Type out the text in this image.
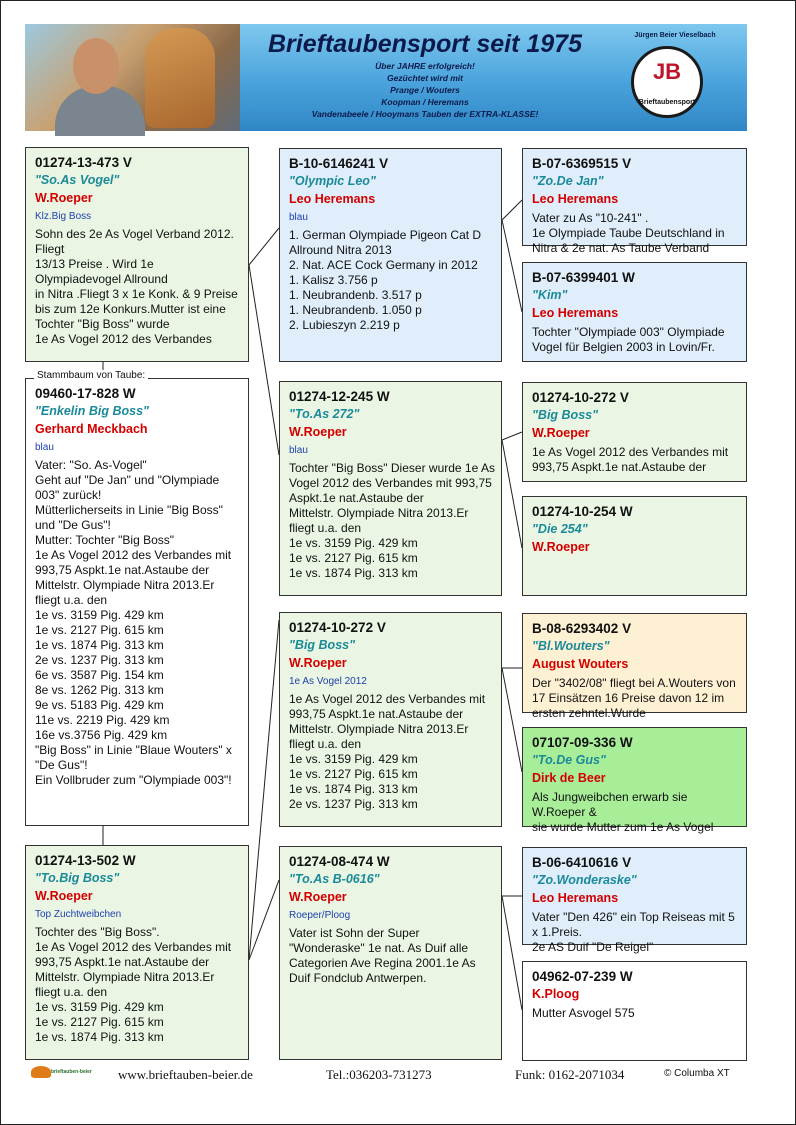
Brieftaubensport seit 1975
Über JAHRE erfolgreich!
Gezüchtet wird mit
Prange / Wouters
Koopman / Heremans
Vandenabeele / Hooymans Tauben der EXTRA-KLASSE!
Jürgen Beier Vieselbach
JB
Brieftaubensport
01274-13-473 V
"So.As Vogel"
W.Roeper
Klz.Big Boss
Sohn des 2e As Vogel Verband 2012. Fliegt
13/13 Preise . Wird 1e Olympiadevogel Allround
in Nitra .Fliegt 3 x 1e Konk. & 9 Preise bis zum 12e Konkurs.Mutter ist eine
Tochter "Big Boss" wurde
1e As Vogel 2012 des Verbandes
09460-17-828 W
"Enkelin Big Boss"
Gerhard Meckbach
blau
Vater: "So. As-Vogel"
Geht auf "De Jan" und "Olympiade 003" zurück!
Mütterlicherseits in Linie "Big Boss" und "De Gus"!
Mutter: Tochter "Big Boss"
1e As Vogel 2012 des Verbandes mit 993,75 Aspkt.1e nat.Astaube der
Mittelstr. Olympiade Nitra 2013.Er fliegt u.a. den
1e vs. 3159 Pig. 429 km
1e vs. 2127 Pig. 615 km
1e vs. 1874 Pig. 313 km
2e vs. 1237 Pig. 313 km
6e vs. 3587 Pig. 154 km
8e vs. 1262 Pig. 313 km
9e vs. 5183 Pig. 429 km
11e vs. 2219 Pig. 429 km
16e vs.3756 Pig. 429 km
"Big Boss" in Linie "Blaue Wouters" x "De Gus"!
Ein Vollbruder zum "Olympiade 003"!
Stammbaum von Taube:
01274-13-502 W
"To.Big Boss"
W.Roeper
Top Zuchtweibchen
Tochter des "Big Boss".
1e As Vogel 2012 des Verbandes mit 993,75 Aspkt.1e nat.Astaube der
Mittelstr. Olympiade Nitra 2013.Er fliegt u.a. den
1e vs. 3159 Pig. 429 km
1e vs. 2127 Pig. 615 km
1e vs. 1874 Pig. 313 km
B-10-6146241 V
"Olympic Leo"
Leo Heremans
blau
1. German Olympiade Pigeon Cat D
Allround Nitra 2013
2. Nat. ACE Cock Germany in 2012
1. Kalisz 3.756 p
1. Neubrandenb. 3.517 p
1. Neubrandenb. 1.050 p
2. Lubieszyn 2.219 p
01274-12-245 W
"To.As 272"
W.Roeper
blau
Tochter "Big Boss" Dieser wurde 1e As Vogel 2012 des Verbandes mit 993,75 Aspkt.1e nat.Astaube der
Mittelstr. Olympiade Nitra 2013.Er fliegt u.a. den
1e vs. 3159 Pig. 429 km
1e vs. 2127 Pig. 615 km
1e vs. 1874 Pig. 313 km
01274-10-272 V
"Big Boss"
W.Roeper
1e As Vogel 2012
1e As Vogel 2012 des Verbandes mit 993,75 Aspkt.1e nat.Astaube der
Mittelstr. Olympiade Nitra 2013.Er fliegt u.a. den
1e vs. 3159 Pig. 429 km
1e vs. 2127 Pig. 615 km
1e vs. 1874 Pig. 313 km
2e vs. 1237 Pig. 313 km
01274-08-474 W
"To.As B-0616"
W.Roeper
Roeper/Ploog
Vater ist Sohn der Super "Wonderaske" 1e nat. As Duif alle Categorien Ave Regina 2001.1e As Duif Fondclub Antwerpen.
B-07-6369515 V
"Zo.De Jan"
Leo Heremans
Vater zu As "10-241" .
1e Olympiade Taube Deutschland in Nitra & 2e nat. As Taube Verband
B-07-6399401 W
"Kim"
Leo Heremans
Tochter "Olympiade 003" Olympiade Vogel für Belgien 2003 in Lovin/Fr.
01274-10-272 V
"Big Boss"
W.Roeper
1e As Vogel 2012 des Verbandes mit 993,75 Aspkt.1e nat.Astaube der
01274-10-254 W
"Die 254"
W.Roeper
B-08-6293402 V
"Bl.Wouters"
August Wouters
Der "3402/08" fliegt bei A.Wouters von 17 Einsätzen 16 Preise davon 12 im ersten zehntel.Wurde
07107-09-336 W
"To.De Gus"
Dirk de Beer
Als Jungweibchen erwarb sie W.Roeper &
sie wurde Mutter zum 1e As Vogel
B-06-6410616 V
"Zo.Wonderaske"
Leo Heremans
Vater "Den 426" ein Top Reiseas mit 5 x 1.Preis.
2e AS Duif "De Reigel"
04962-07-239 W
K.Ploog
Mutter Asvogel 575
brieftauben-beier www.brieftauben-beier.de	Tel.:036203-731273	Funk: 0162-2071034	© Columba XT
